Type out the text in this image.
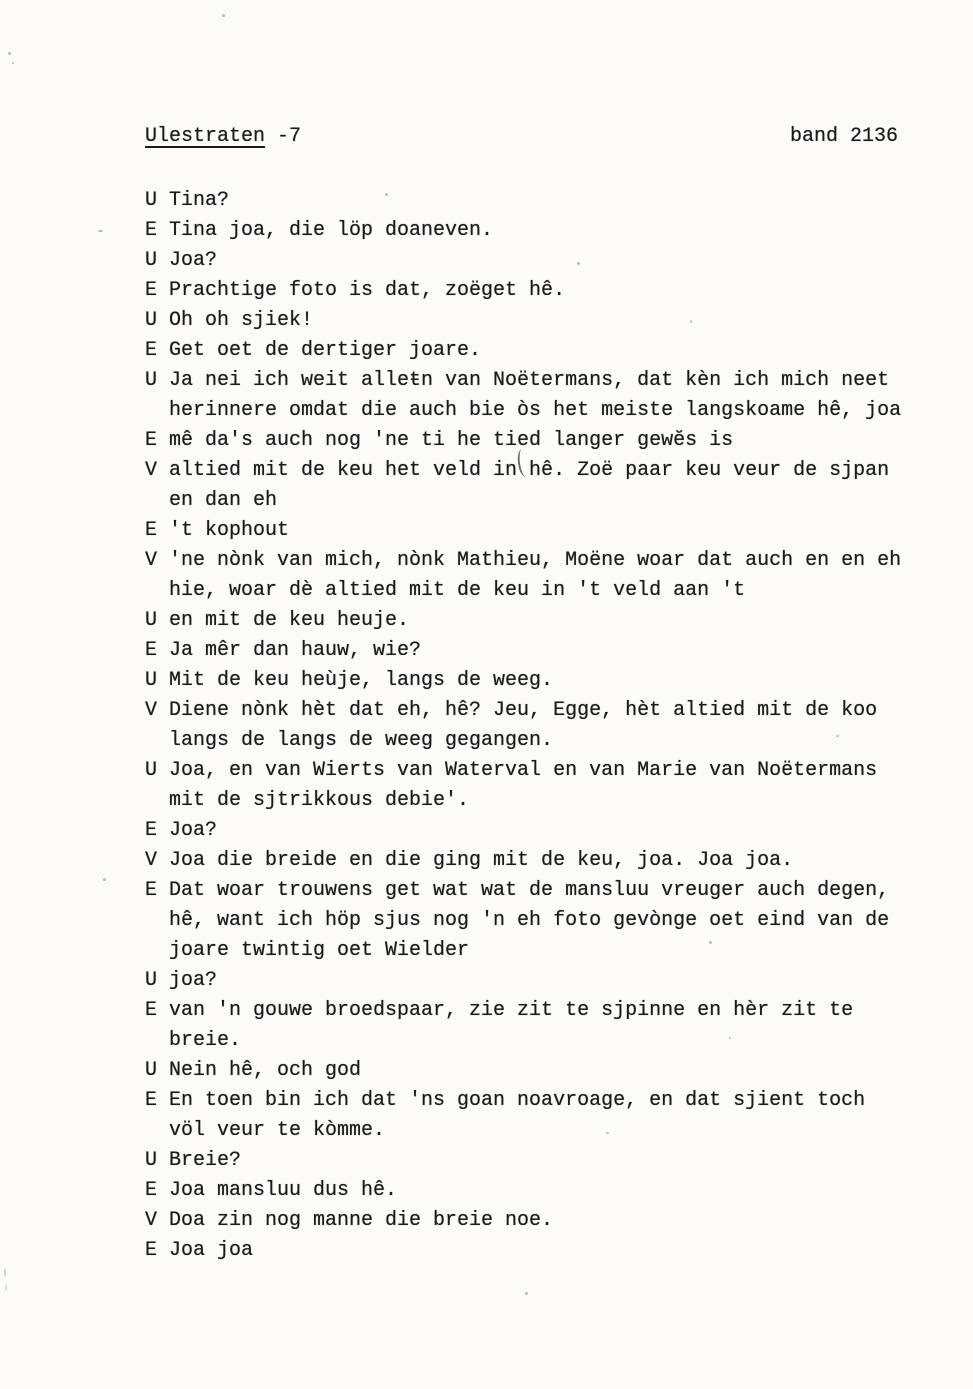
Ulestraten -7	band 2136
U Tina?
E Tina joa, die löp doaneven.
U Joa?
E Prachtige foto is dat, zoëget hê.
U Oh oh sjiek!
E Get oet de dertiger joare.
U Ja nei ich weit alleŧn van Noëtermans, dat kèn ich mich neet
herinnere omdat die auch bie òs het meiste langskoame hê, joa
E mê da's auch nog 'ne ti he tied langer gewĕs is
V altied mit de keu het veld in hê. Zoë paar keu veur de sjpan
en dan eh
E 't kophout
V 'ne nònk van mich, nònk Mathieu, Moëne woar dat auch en en eh
hie, woar dè altied mit de keu in 't veld aan 't
U en mit de keu heuje.
E Ja mêr dan hauw, wie?
U Mit de keu heùje, langs de weeg.
V Diene nònk hèt dat eh, hê? Jeu, Egge, hèt altied mit de koo
langs de langs de weeg gegangen.
U Joa, en van Wierts van Waterval en van Marie van Noëtermans
mit de sjtrikkous debie'.
E Joa?
V Joa die breide en die ging mit de keu, joa. Joa joa.
E Dat woar trouwens get wat wat de mansluu vreuger auch degen,
hê, want ich höp sjus nog 'n eh foto gevònge oet eind van de
joare twintig oet Wielder
U joa?
E van 'n gouwe broedspaar, zie zit te sjpinne en hèr zit te
breie.
U Nein hê, och god
E En toen bin ich dat 'ns goan noavroage, en dat sjient toch
völ veur te kòmme.
U Breie?
E Joa mansluu dus hê.
V Doa zin nog manne die breie noe.
E Joa joa
